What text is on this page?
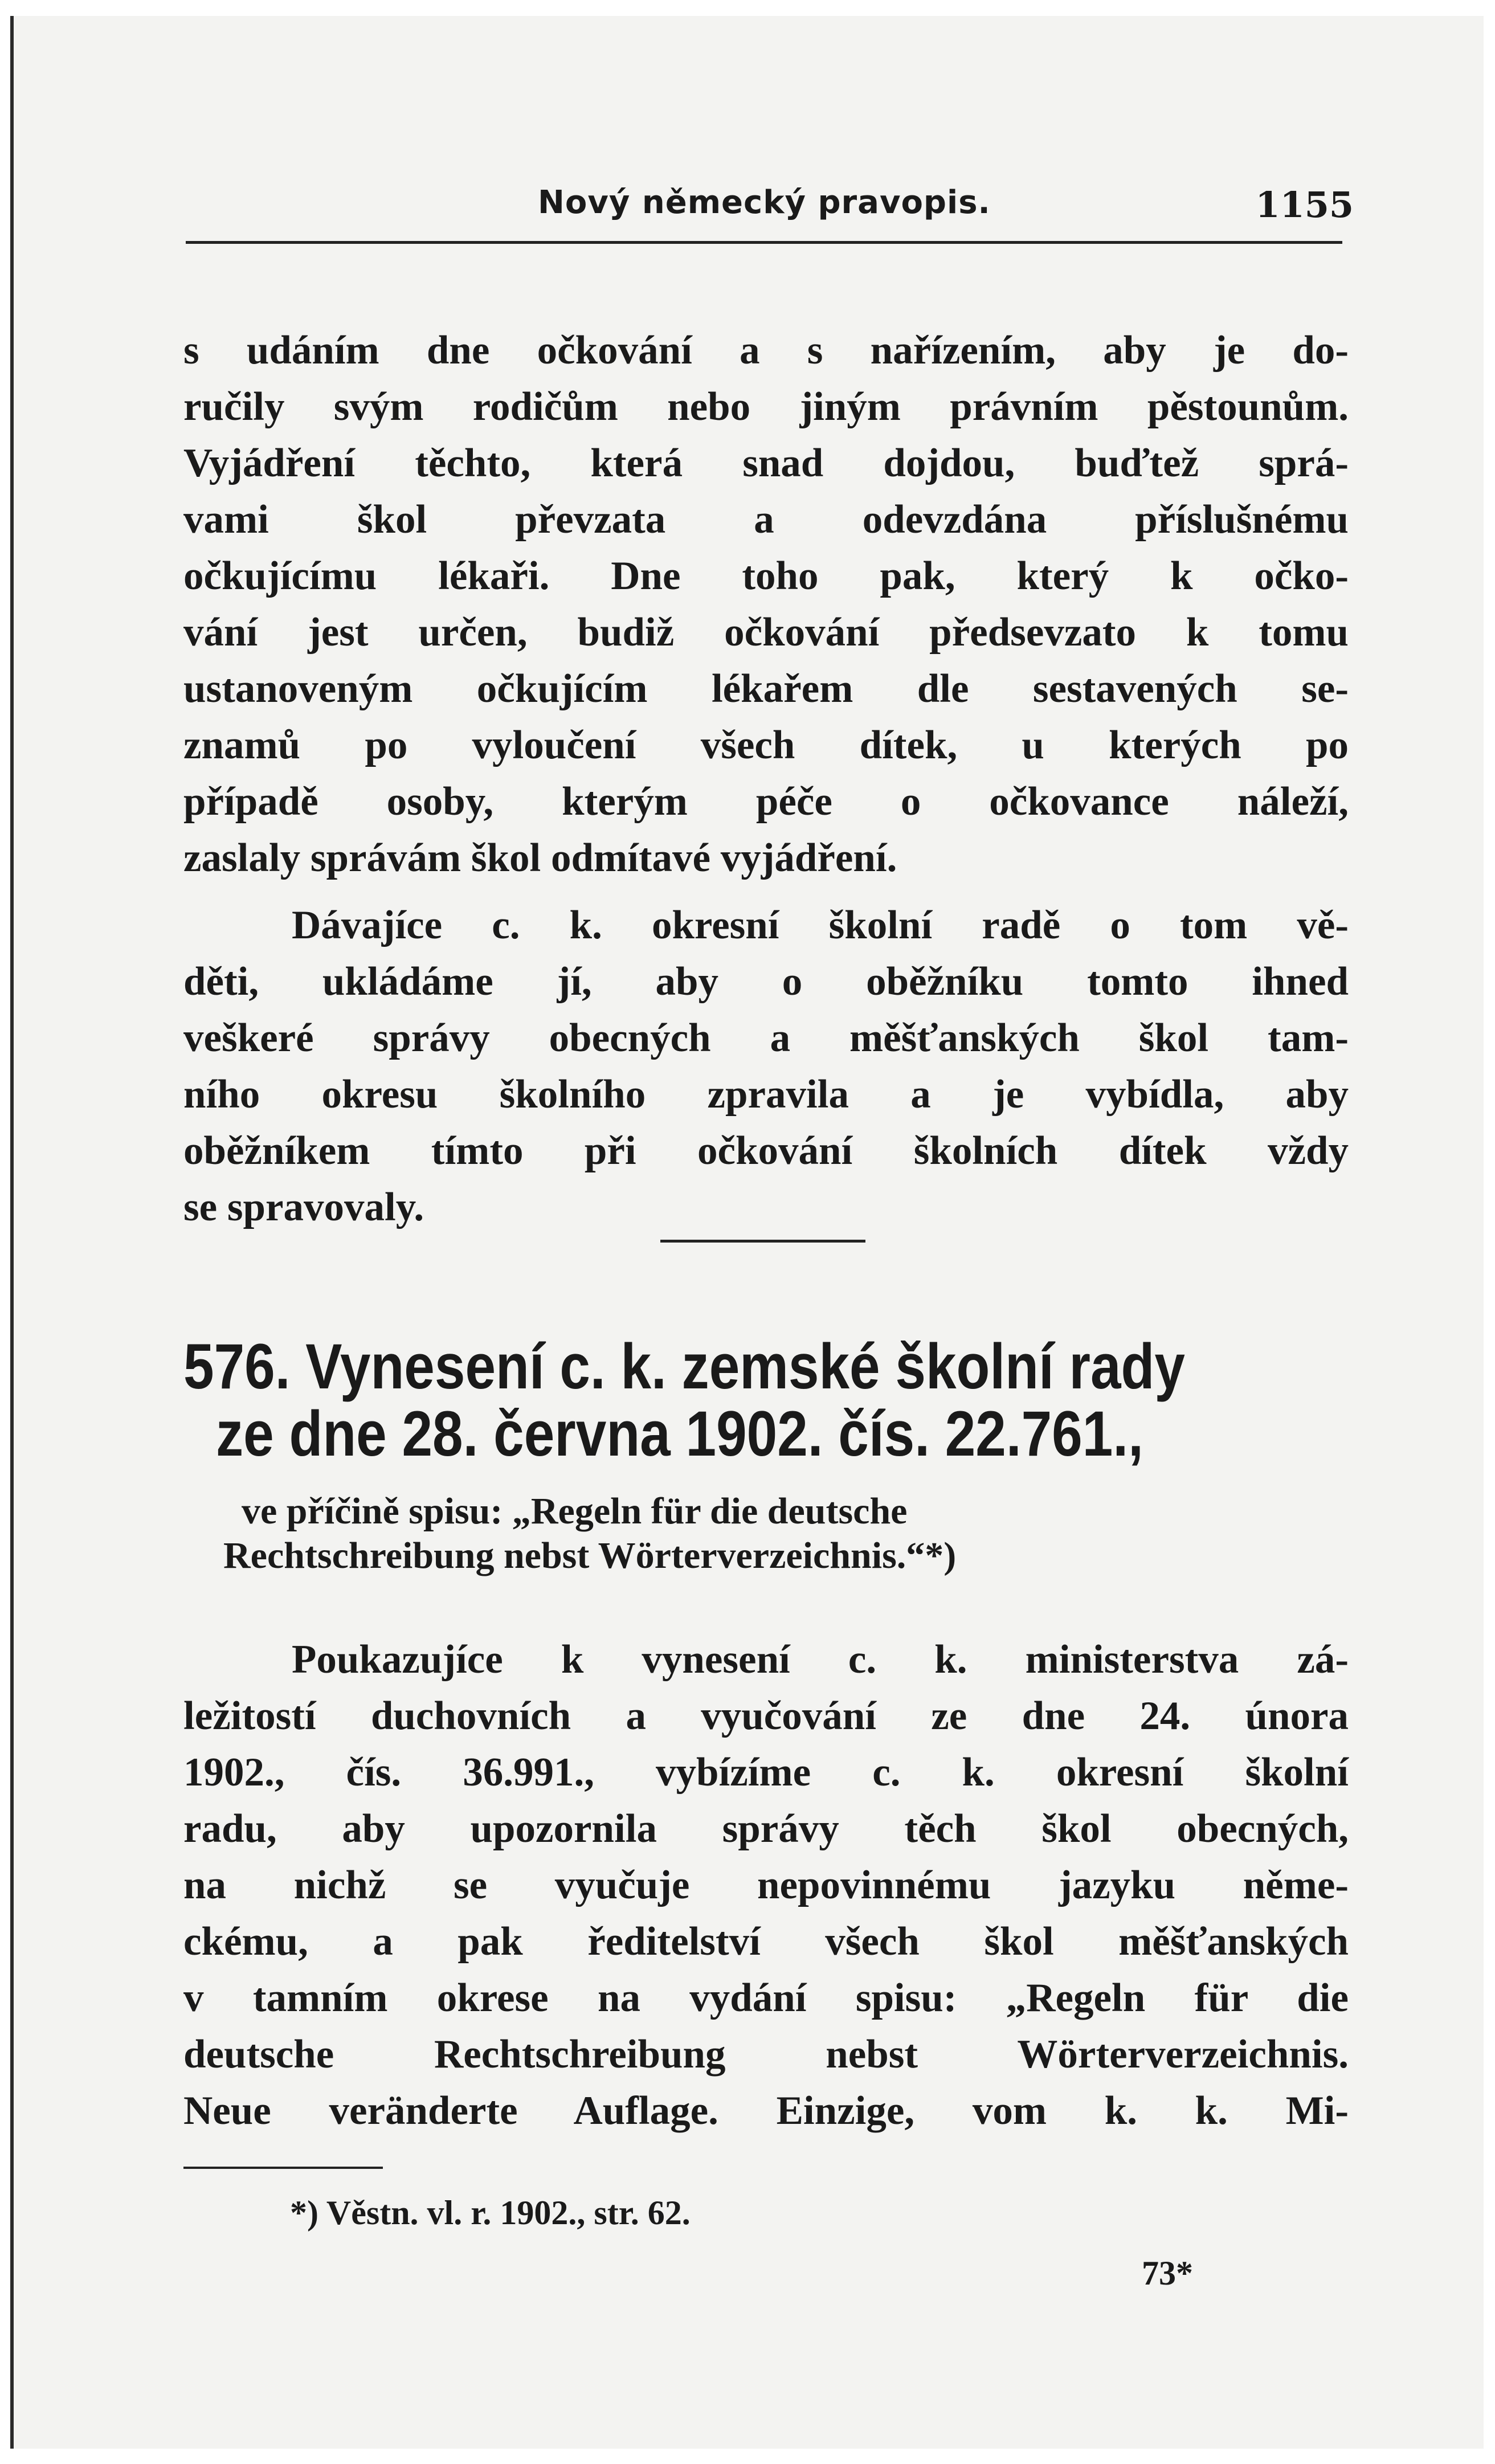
Nový německý pravopis.	1155
s udáním dne očkování a s nařízením, aby je do-
ručily svým rodičům nebo jiným právním pěstounům.
Vyjádření těchto, která snad dojdou, buďtež sprá-
vami škol převzata a odevzdána příslušnému
očkujícímu lékaři. Dne toho pak, který k očko-
vání jest určen, budiž očkování předsevzato k tomu
ustanoveným očkujícím lékařem dle sestavených se-
znamů po vyloučení všech dítek, u kterých po
případě osoby, kterým péče o očkovance náleží,
zaslaly správám škol odmítavé vyjádření.
Dávajíce c. k. okresní školní radě o tom vě-
děti, ukládáme jí, aby o oběžníku tomto ihned
veškeré správy obecných a měšťanských škol tam-
ního okresu školního zpravila a je vybídla, aby
oběžníkem tímto při očkování školních dítek vždy
se spravovaly.
576. Vynesení c. k. zemské školní rady
ze dne 28. června 1902. čís. 22.761.,
ve příčině spisu: „Regeln für die deutsche
Rechtschreibung nebst Wörterverzeichnis.“*)
Poukazujíce k vynesení c. k. ministerstva zá-
ležitostí duchovních a vyučování ze dne 24. února
1902., čís. 36.991., vybízíme c. k. okresní školní
radu, aby upozornila správy těch škol obecných,
na nichž se vyučuje nepovinnému jazyku něme-
ckému, a pak ředitelství všech škol měšťanských
v tamním okrese na vydání spisu: „Regeln für die
deutsche Rechtschreibung nebst Wörterverzeichnis.
Neue veränderte Auflage. Einzige, vom k. k. Mi-
*) Věstn. vl. r. 1902., str. 62.
73*
